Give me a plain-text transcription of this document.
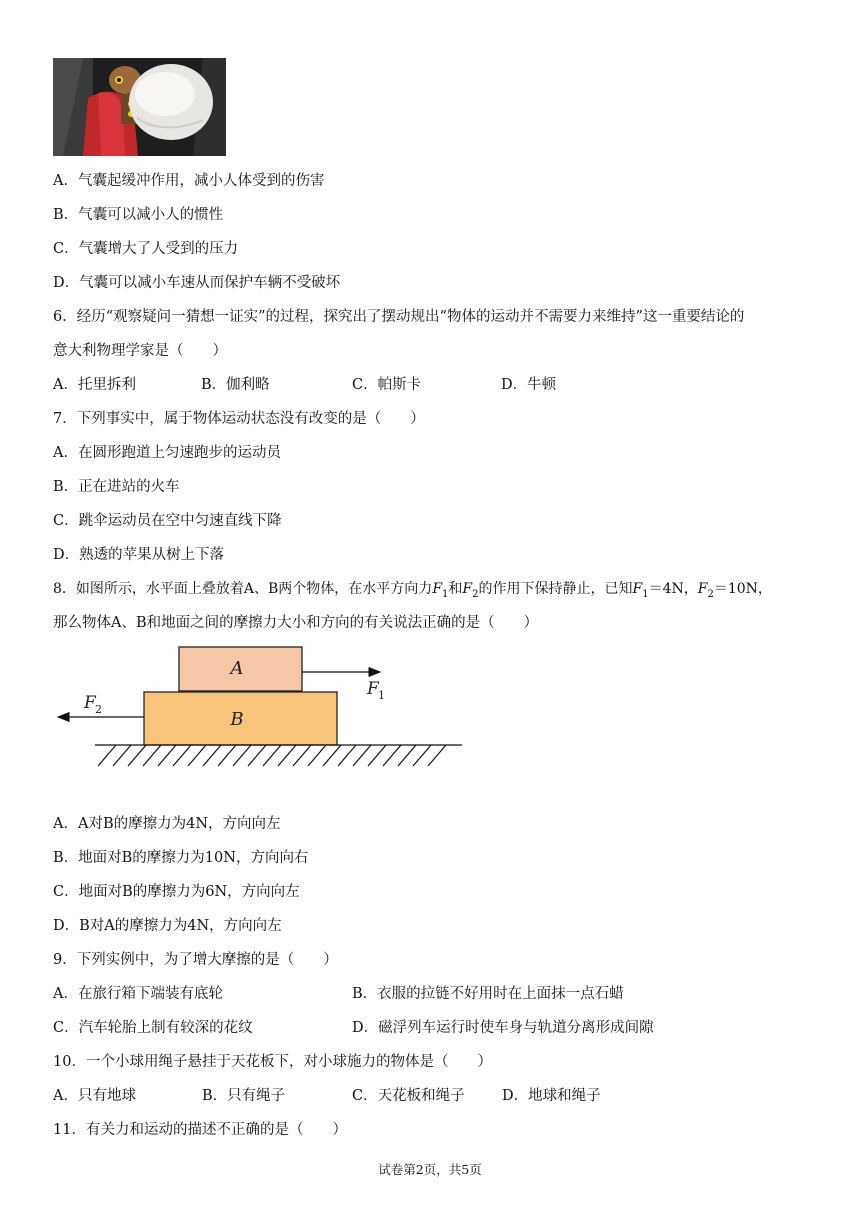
A．气囊起缓冲作用，减小人体受到的伤害
B．气囊可以减小人的惯性
C．气囊增大了人受到的压力
D．气囊可以减小车速从而保护车辆不受破坏
6．经历“观察疑问一猜想一证实”的过程，探究出了摆动规出“物体的运动并不需要力来维持”这一重要结论的
意大利物理学家是（　　）
A．托里拆利	B．伽利略	C．帕斯卡	D．牛顿
7．下列事实中，属于物体运动状态没有改变的是（　　）
A．在圆形跑道上匀速跑步的运动员
B．正在进站的火车
C．跳伞运动员在空中匀速直线下降
D．熟透的苹果从树上下落
8．如图所示，水平面上叠放着A、B两个物体，在水平方向力$F_1$和$F_2$的作用下保持静止，已知$F_1=4N$，$F_2=10N$，
那么物体A、B和地面之间的摩擦力大小和方向的有关说法正确的是（　　）
A
B
F 1
F 2
A．A对B的摩擦力为4N，方向向左
B．地面对B的摩擦力为10N，方向向右
C．地面对B的摩擦力为6N，方向向左
D．B对A的摩擦力为4N，方向向左
9．下列实例中，为了增大摩擦的是（　　）
A．在旅行箱下端装有底轮	B．衣服的拉链不好用时在上面抹一点石蜡
C．汽车轮胎上制有较深的花纹	D．磁浮列车运行时使车身与轨道分离形成间隙
10．一个小球用绳子悬挂于天花板下，对小球施力的物体是（　　）
A．只有地球	B．只有绳子	C．天花板和绳子	D．地球和绳子
11．有关力和运动的描述不正确的是（　　）
试卷第2页，共5页
